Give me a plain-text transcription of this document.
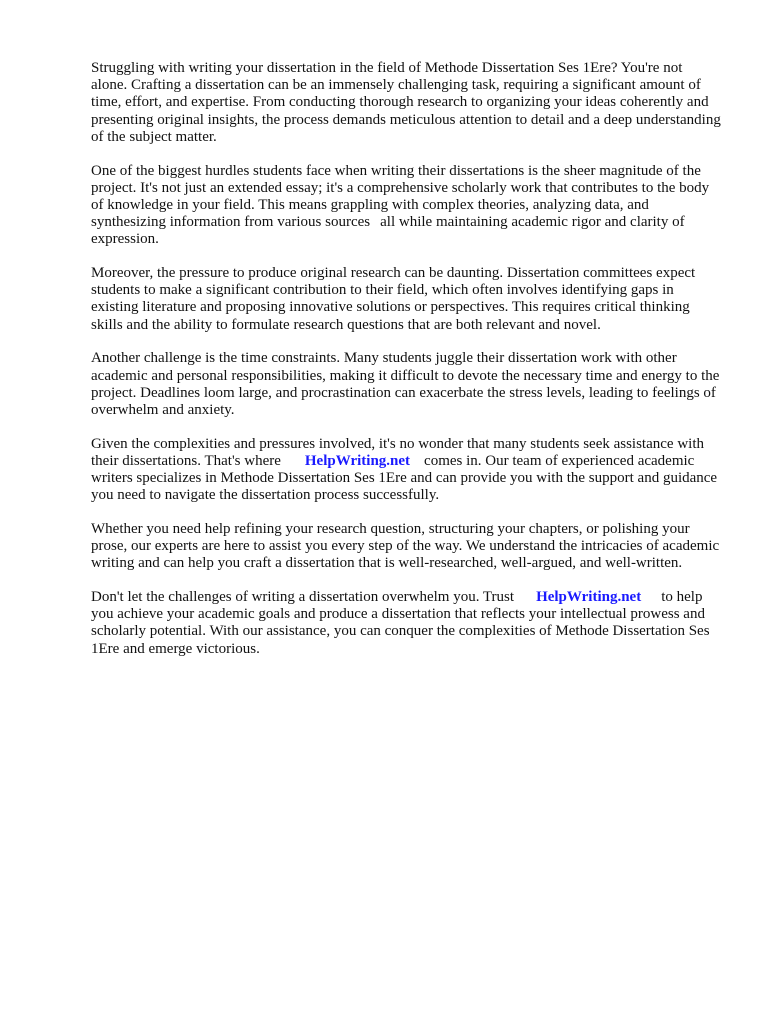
Struggling with writing your dissertation in the field of Methode Dissertation Ses 1Ere? You're not alone. Crafting a dissertation can be an immensely challenging task, requiring a significant amount of time, effort, and expertise. From conducting thorough research to organizing your ideas coherently and presenting original insights, the process demands meticulous attention to detail and a deep understanding of the subject matter.

One of the biggest hurdles students face when writing their dissertations is the sheer magnitude of the project. It's not just an extended essay; it's a comprehensive scholarly work that contributes to the body of knowledge in your field. This means grappling with complex theories, analyzing data, and synthesizing information from various sources all while maintaining academic rigor and clarity of expression.

Moreover, the pressure to produce original research can be daunting. Dissertation committees expect students to make a significant contribution to their field, which often involves identifying gaps in existing literature and proposing innovative solutions or perspectives. This requires critical thinking skills and the ability to formulate research questions that are both relevant and novel.

Another challenge is the time constraints. Many students juggle their dissertation work with other academic and personal responsibilities, making it difficult to devote the necessary time and energy to the project. Deadlines loom large, and procrastination can exacerbate the stress levels, leading to feelings of overwhelm and anxiety.

Given the complexities and pressures involved, it's no wonder that many students seek assistance with their dissertations. That's where HelpWriting.net comes in. Our team of experienced academic writers specializes in Methode Dissertation Ses 1Ere and can provide you with the support and guidance you need to navigate the dissertation process successfully.

Whether you need help refining your research question, structuring your chapters, or polishing your prose, our experts are here to assist you every step of the way. We understand the intricacies of academic writing and can help you craft a dissertation that is well-researched, well-argued, and well-written.

Don't let the challenges of writing a dissertation overwhelm you. Trust HelpWriting.net to help you achieve your academic goals and produce a dissertation that reflects your intellectual prowess and scholarly potential. With our assistance, you can conquer the complexities of Methode Dissertation Ses 1Ere and emerge victorious.
